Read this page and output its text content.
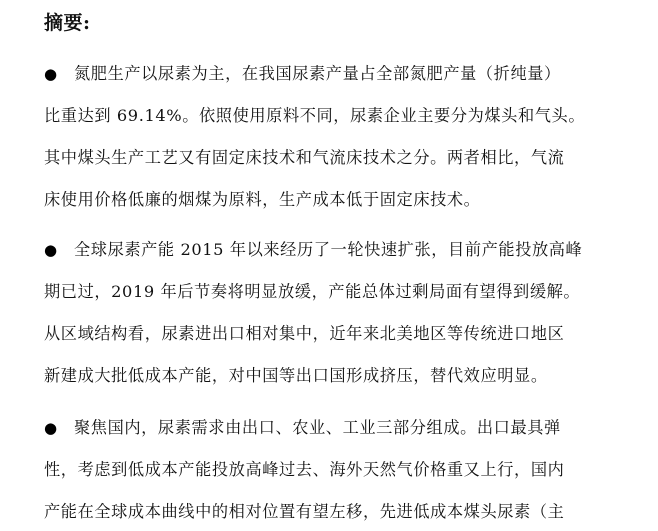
摘要:
●	氮肥生产以尿素为主，在我国尿素产量占全部氮肥产量（折纯量）
比重达到 69.14%。依照使用原料不同，尿素企业主要分为煤头和气头。
其中煤头生产工艺又有固定床技术和气流床技术之分。两者相比，气流
床使用价格低廉的烟煤为原料，生产成本低于固定床技术。
●	全球尿素产能 2015 年以来经历了一轮快速扩张，目前产能投放高峰
期已过，2019 年后节奏将明显放缓，产能总体过剩局面有望得到缓解。
从区域结构看，尿素进出口相对集中，近年来北美地区等传统进口地区
新建成大批低成本产能，对中国等出口国形成挤压，替代效应明显。
●	聚焦国内，尿素需求由出口、农业、工业三部分组成。出口最具弹
性，考虑到低成本产能投放高峰过去、海外天然气价格重又上行，国内
产能在全球成本曲线中的相对位置有望左移，先进低成本煤头尿素（主
